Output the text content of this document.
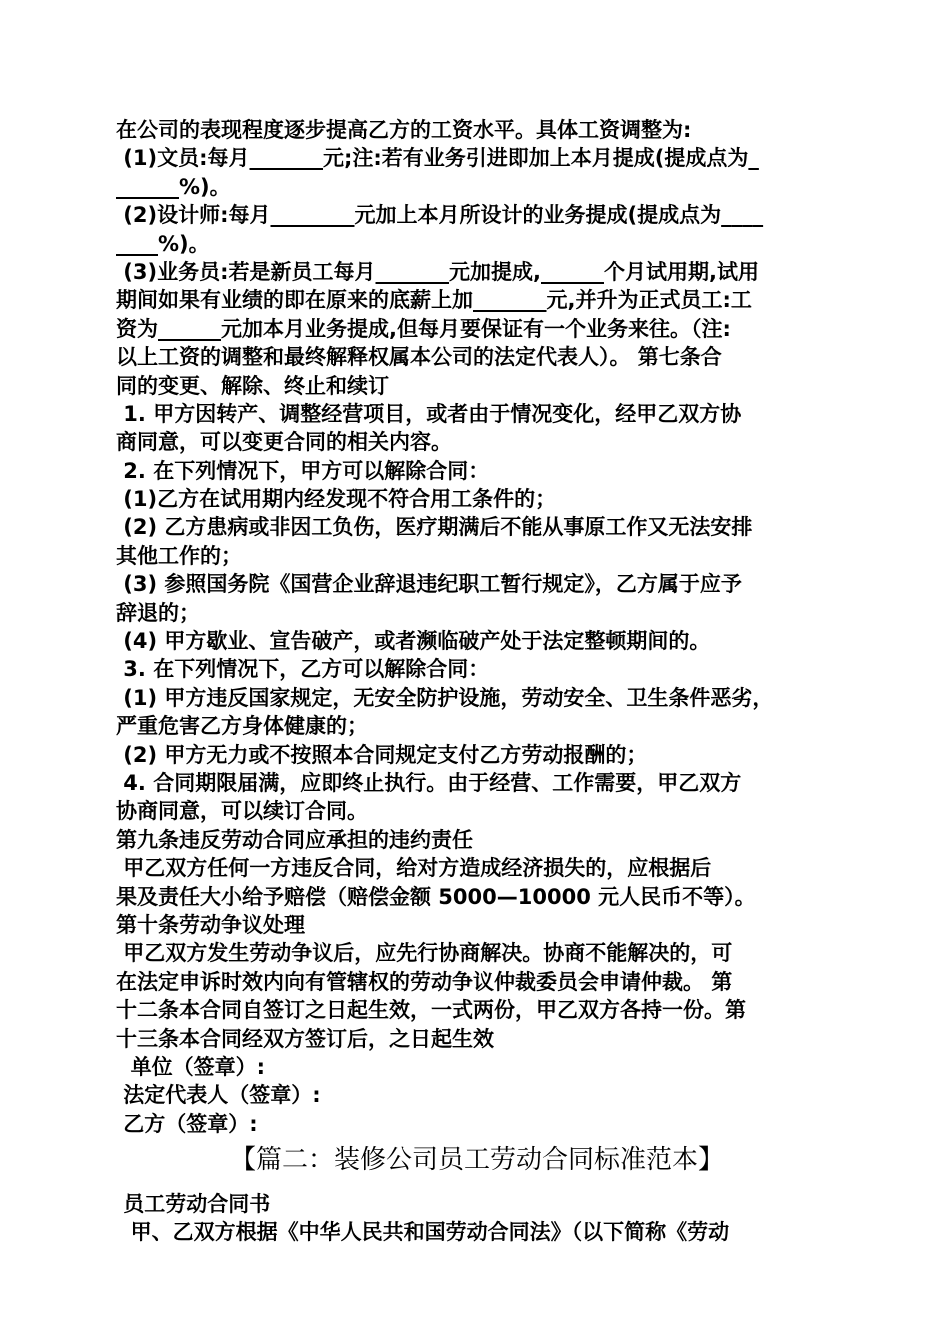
在公司的表现程度逐步提高乙方的工资水平。具体工资调整为:
(1)文员:每月_______元;注:若有业务引进即加上本月提成(提成点为_
______%)。
(2)设计师:每月________元加上本月所设计的业务提成(提成点为____
____%)。
(3)业务员:若是新员工每月_______元加提成,______个月试用期,试用
期间如果有业绩的即在原来的底薪上加_______元,并升为正式员工:工
资为______元加本月业务提成,但每月要保证有一个业务来往。（注:
以上工资的调整和最终解释权属本公司的法定代表人）。 第七条合
同的变更、解除、终止和续订
1. 甲方因转产、调整经营项目，或者由于情况变化，经甲乙双方协
商同意，可以变更合同的相关内容。
2. 在下列情况下，甲方可以解除合同：
(1)乙方在试用期内经发现不符合用工条件的；
(2) 乙方患病或非因工负伤，医疗期满后不能从事原工作又无法安排
其他工作的；
(3) 参照国务院《国营企业辞退违纪职工暂行规定》，乙方属于应予
辞退的；
(4) 甲方歇业、宣告破产，或者濒临破产处于法定整顿期间的。
3. 在下列情况下，乙方可以解除合同：
(1) 甲方违反国家规定，无安全防护设施，劳动安全、卫生条件恶劣，
严重危害乙方身体健康的；
(2) 甲方无力或不按照本合同规定支付乙方劳动报酬的；
4. 合同期限届满，应即终止执行。由于经营、工作需要，甲乙双方
协商同意，可以续订合同。
第九条违反劳动合同应承担的违约责任
甲乙双方任何一方违反合同，给对方造成经济损失的，应根据后
果及责任大小给予赔偿（赔偿金额 5000—10000 元人民币不等）。
第十条劳动争议处理
甲乙双方发生劳动争议后，应先行协商解决。协商不能解决的，可
在法定申诉时效内向有管辖权的劳动争议仲裁委员会申请仲裁。 第
十二条本合同自签订之日起生效，一式两份，甲乙双方各持一份。第
十三条本合同经双方签订后，之日起生效
单位（签章）:
法定代表人（签章）:
乙方（签章）:
【篇二：装修公司员工劳动合同标准范本】
员工劳动合同书
甲、乙双方根据《中华人民共和国劳动合同法》（以下简称《劳动
